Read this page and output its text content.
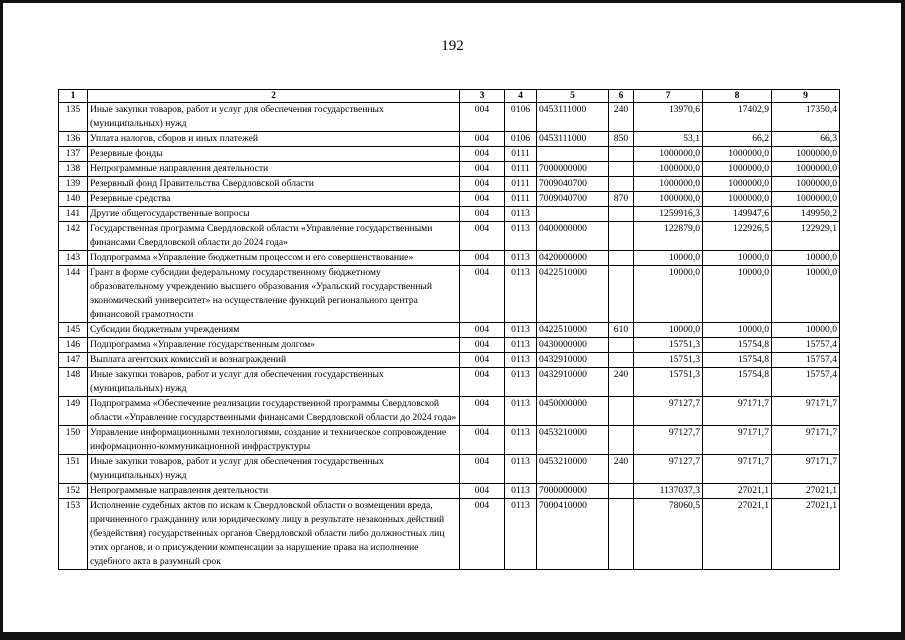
192
1	2	3	4	5	6	7	8	9
135	Иные закупки товаров, работ и услуг для обеспечения государственных (муниципальных) нужд	004	0106	0453111000	240	13970,6	17402,9	17350,4
136	Уплата налогов, сборов и иных платежей	004	0106	0453111000	850	53,1	66,2	66,3
137	Резервные фонды	004	0111			1000000,0	1000000,0	1000000,0
138	Непрограммные направления деятельности	004	0111	7000000000		1000000,0	1000000,0	1000000,0
139	Резервный фонд Правительства Свердловской области	004	0111	7009040700		1000000,0	1000000,0	1000000,0
140	Резервные средства	004	0111	7009040700	870	1000000,0	1000000,0	1000000,0
141	Другие общегосударственные вопросы	004	0113			1259916,3	149947,6	149950,2
142	Государственная программа Свердловской области «Управление государственными финансами Свердловской области до 2024 года»	004	0113	0400000000		122879,0	122926,5	122929,1
143	Подпрограмма «Управление бюджетным процессом и его совершенствование»	004	0113	0420000000		10000,0	10000,0	10000,0
144	Грант в форме субсидии федеральному государственному бюджетному образовательному учреждению высшего образования «Уральский государственный экономический университет» на осуществление функций регионального центра финансовой грамотности	004	0113	0422510000		10000,0	10000,0	10000,0
145	Субсидии бюджетным учреждениям	004	0113	0422510000	610	10000,0	10000,0	10000,0
146	Подпрограмма «Управление государственным долгом»	004	0113	0430000000		15751,3	15754,8	15757,4
147	Выплата агентских комиссий и вознаграждений	004	0113	0432910000		15751,3	15754,8	15757,4
148	Иные закупки товаров, работ и услуг для обеспечения государственных (муниципальных) нужд	004	0113	0432910000	240	15751,3	15754,8	15757,4
149	Подпрограмма «Обеспечение реализации государственной программы Свердловской области «Управление государственными финансами Свердловской области до 2024 года»	004	0113	0450000000		97127,7	97171,7	97171,7
150	Управление информационными технологиями, создание и техническое сопровождение информационно-коммуникационной инфраструктуры	004	0113	0453210000		97127,7	97171,7	97171,7
151	Иные закупки товаров, работ и услуг для обеспечения государственных (муниципальных) нужд	004	0113	0453210000	240	97127,7	97171,7	97171,7
152	Непрограммные направления деятельности	004	0113	7000000000		1137037,3	27021,1	27021,1
153	Исполнение судебных актов по искам к Свердловской области о возмещении вреда, причиненного гражданину или юридическому лицу в результате незаконных действий (бездействия) государственных органов Свердловской области либо должностных лиц этих органов, и о присуждении компенсации за нарушение права на исполнение судебного акта в разумный срок	004	0113	7000410000		78060,5	27021,1	27021,1
